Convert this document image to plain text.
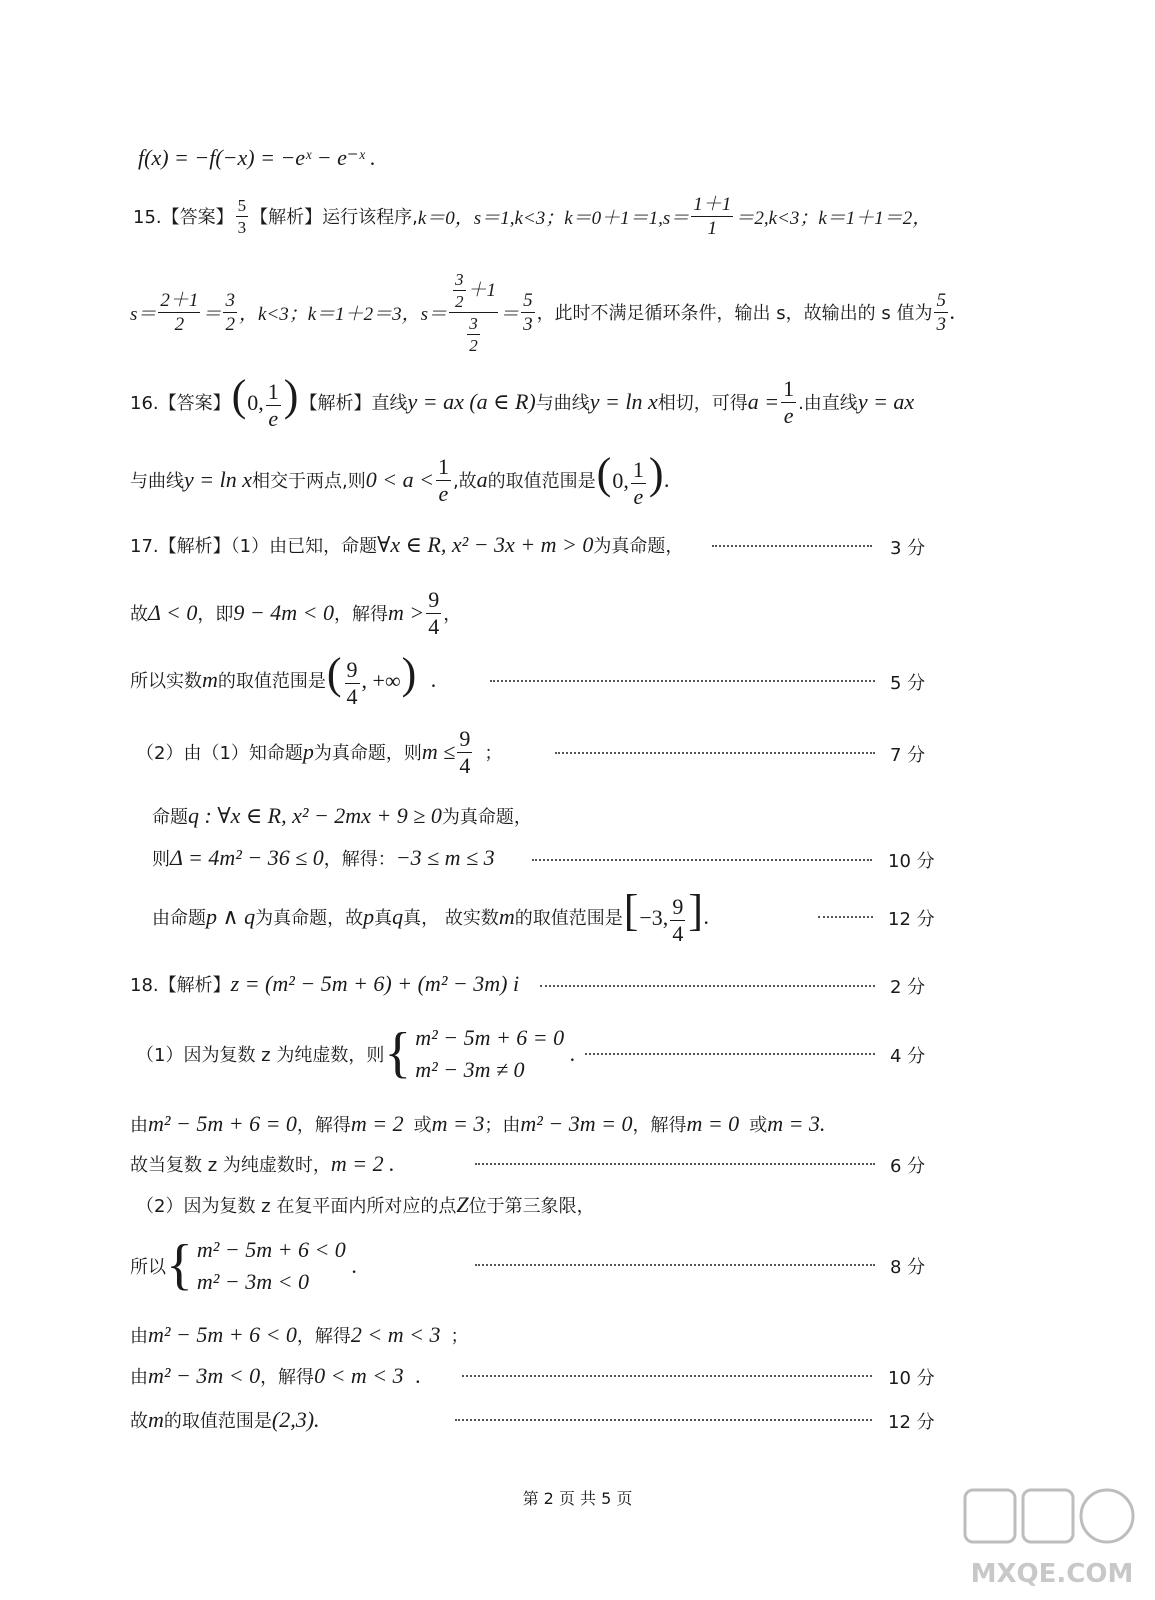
f(x) = −f(−x) = −eˣ − e⁻ˣ .
15.【答案】 $\frac{5}{3}$ 【解析】运行该程序, k＝0，s＝1,k<3；$k=0+1=1,s= \frac{1+1}{1} =2,k<3$；k＝1＋1＝2，
$s= \frac{2+1}{2} = \frac{3}{2}$ ，k<3；k＝1＋2＝3，$s= \frac{\frac{3}{2} +1}{\frac{3}{2}} = \frac{5}{3}$ ，此时不满足循环条件，输出 s，故输出的 s 值为 $\frac{5}{3}$ .
16.【答案】 (0, $\frac{1}{e}$ ) 【解析】直线 y = ax (a ∈ R) 与曲线 y = ln x 相切，可得 $a = \frac{1}{e}$ .由直线 y = ax
与曲线 y = ln x 相交于两点,则 $0 < a < \frac{1}{e}$ ,故 a 的取值范围是 (0, $\frac{1}{e}$ ) .
17.【解析】（1）由已知，命题 ∀x ∈ R, x² − 3x + m > 0 为真命题，	3 分
故 Δ < 0 ，即 9 − 4m < 0 ，解得 $m > \frac{9}{4}$ ，
所以实数 m 的取值范围是 ( $\frac{9}{4}$ , +∞) .	5 分
（2）由（1）知命题 p 为真命题，则 $m \le \frac{9}{4}$ ；	7 分
命题 q : ∀x ∈ R, x² − 2mx + 9 ≥ 0 为真命题，
则 Δ = 4m² − 36 ≤ 0 ，解得： −3 ≤ m ≤ 3	10 分
由命题 p ∧ q 为真命题，故 p 真 q 真， 故实数 m 的取值范围是 [−3, $\frac{9}{4}$ ] .	12 分
18.【解析】 z = (m² − 5m + 6) + (m² − 3m) i	2 分
（1）因为复数 z 为纯虚数，则 { m² − 5m + 6 = 0
m² − 3m ≠ 0
.	4 分
由 m² − 5m + 6 = 0 ，解得 m = 2 或 m = 3 ；由 m² − 3m = 0 ，解得 m = 0 或 m = 3.
故当复数 z 为纯虚数时， m = 2 .	6 分
（2）因为复数 z 在复平面内所对应的点 Z 位于第三象限，
所以 { m² − 5m + 6 < 0
m² − 3m < 0
.	8 分
由 m² − 5m + 6 < 0 ，解得 2 < m < 3 ；
由 m² − 3m < 0 ，解得 0 < m < 3 .	10 分
故 m 的取值范围是 (2,3).	12 分
第 2 页 共 5 页
MXQE.COM
